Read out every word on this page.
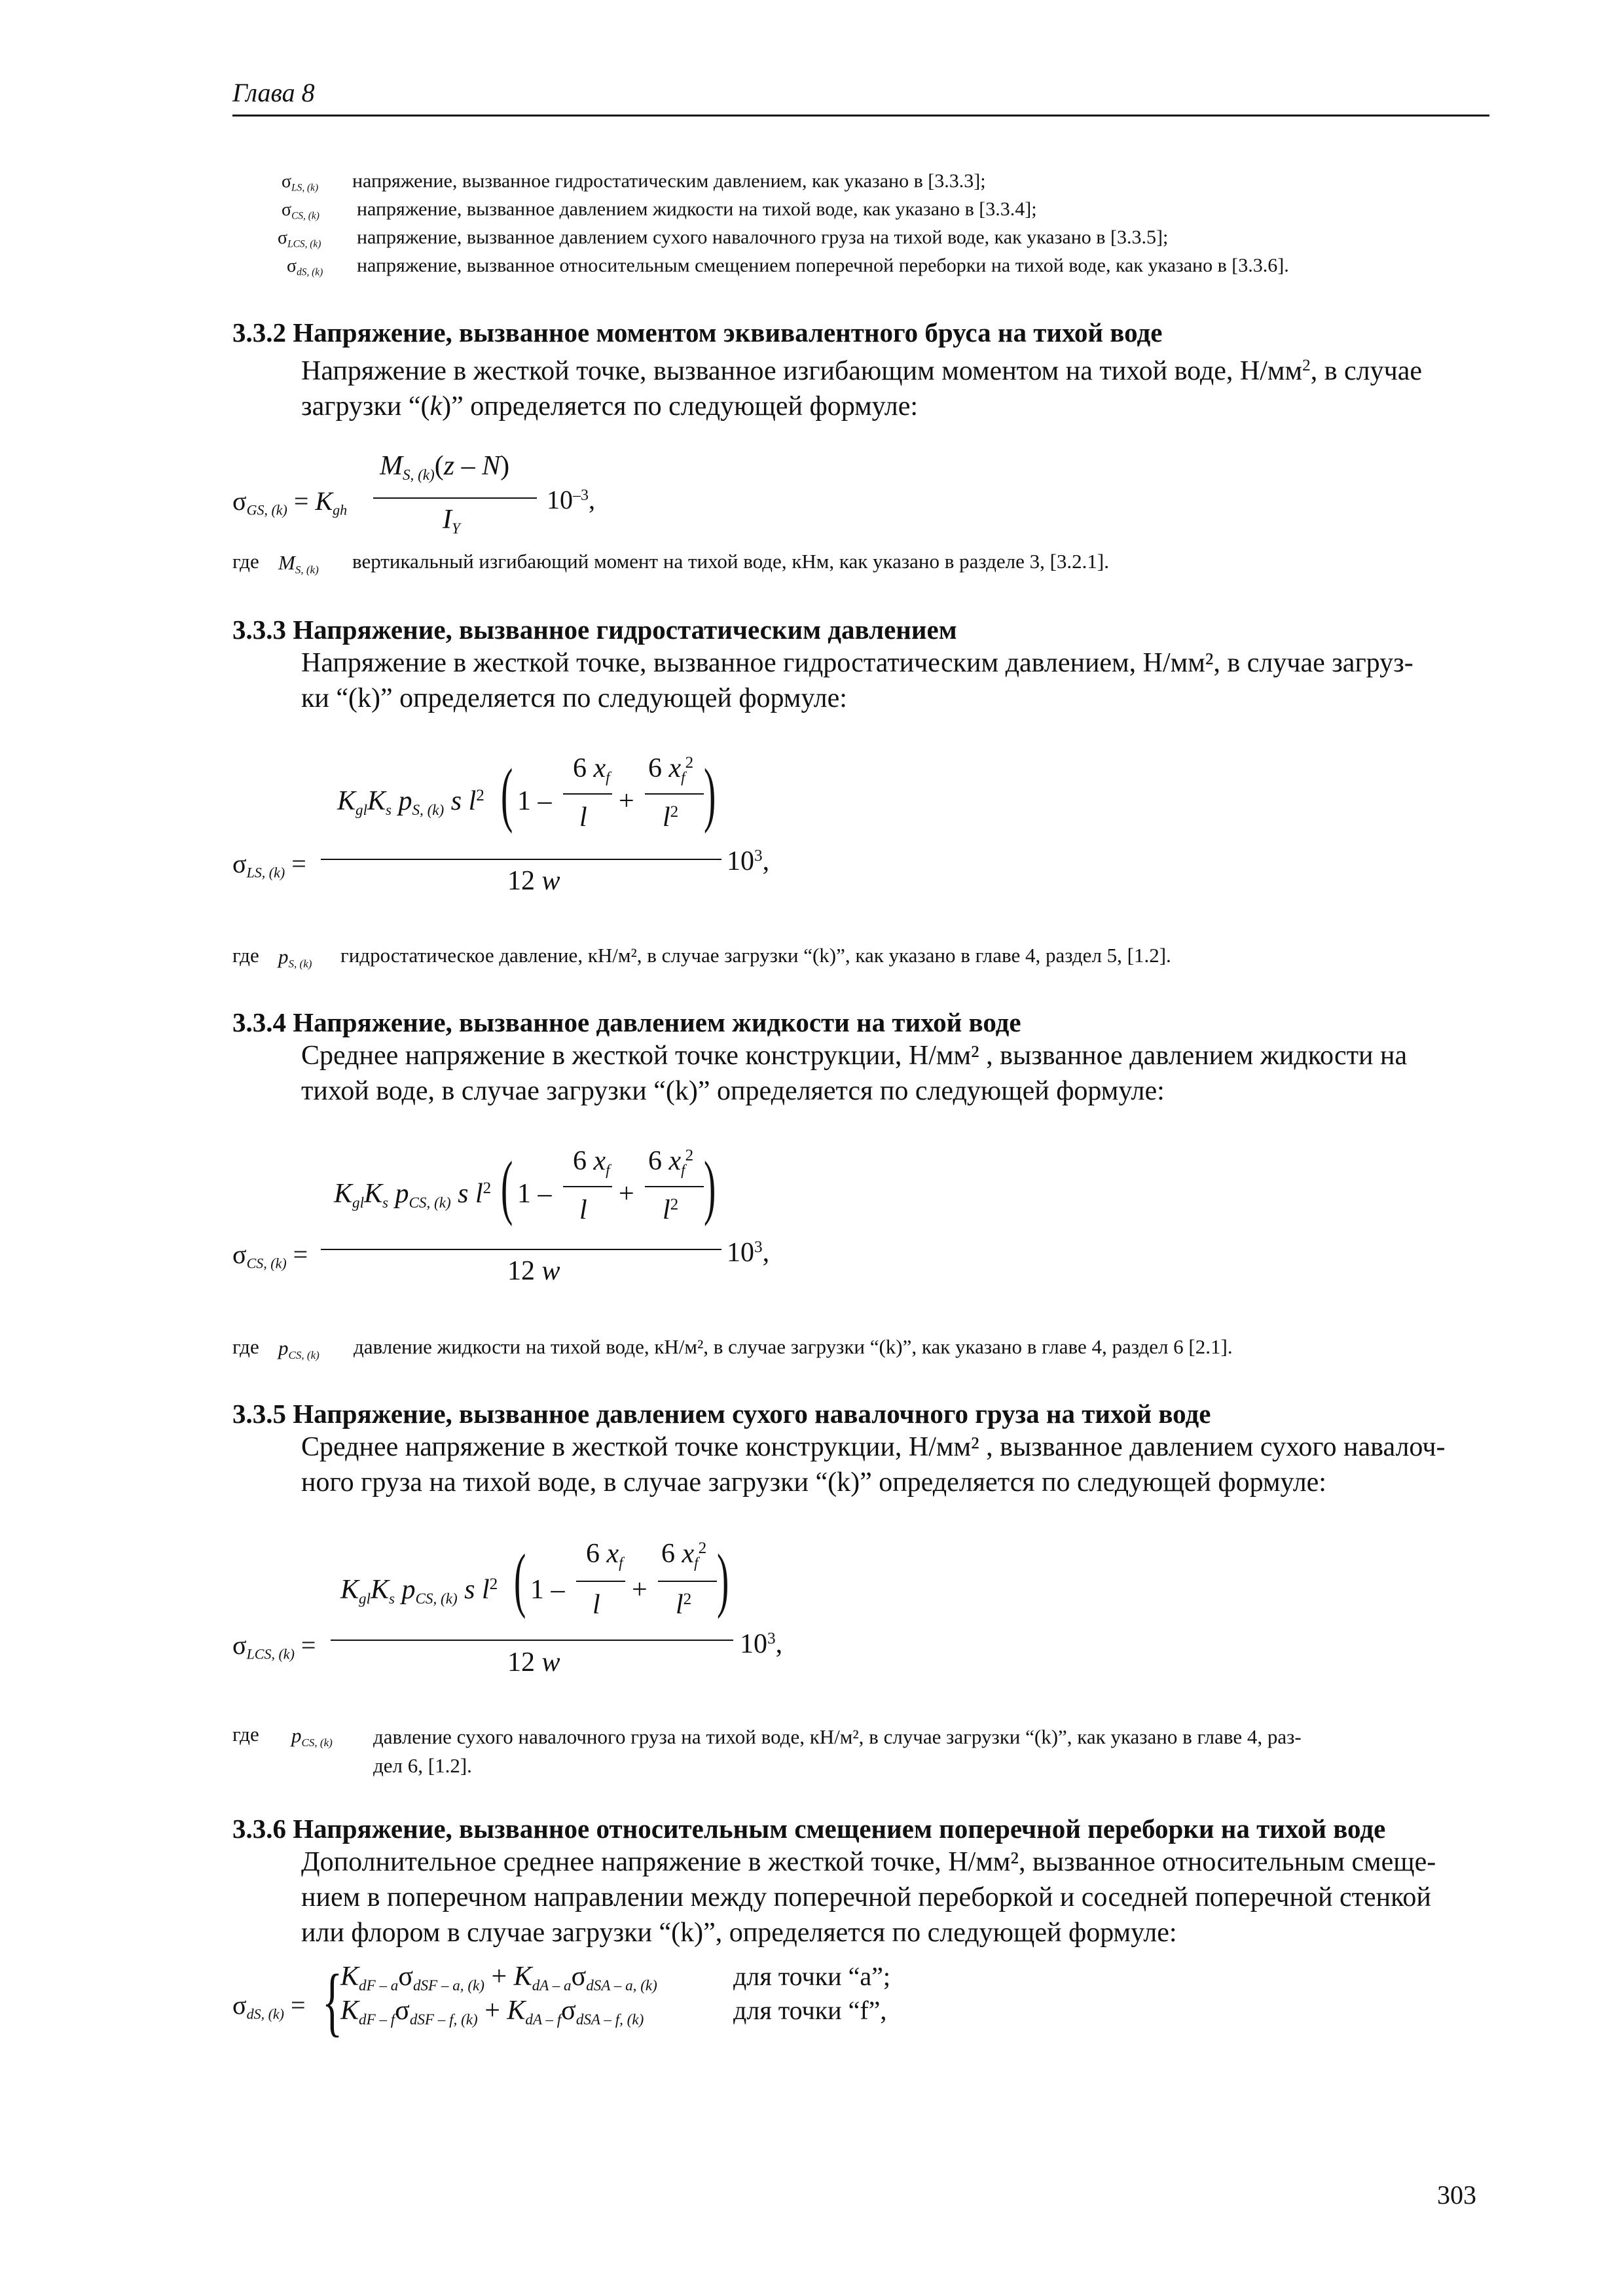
Глава 8
$\sigma_{LS, (k)}$ напряжение, вызванное гидростатическим давлением, как указано в [3.3.3];
$\sigma_{CS, (k)}$ напряжение, вызванное давлением жидкости на тихой воде, как указано в [3.3.4];
$\sigma_{LCS, (k)}$ напряжение, вызванное давлением сухого навалочного груза на тихой воде, как указано в [3.3.5];
$\sigma_{dS, (k)}$ напряжение, вызванное относительным смещением поперечной переборки на тихой воде, как указано в [3.3.6].
3.3.2 Напряжение, вызванное моментом эквивалентного бруса на тихой воде
Напряжение в жесткой точке, вызванное изгибающим моментом на тихой воде, $Н/мм^2$, в случае
загрузки “(k)” определяется по следующей формуле:
$\sigma_{GS, (k)} = K_{gh}$
$M_{S, (k)}(z - N)$
$I_Y$
$10^{-3}$,
где $M_{S, (k)}$ вертикальный изгибающий момент на тихой воде, кНм, как указано в разделе 3, [3.2.1].
3.3.3 Напряжение, вызванное гидростатическим давлением
Напряжение в жесткой точке, вызванное гидростатическим давлением, Н/мм², в случае загруз-
ки “(k)” определяется по следующей формуле:
$K_{gl}K_s$ $p_{S, (k)}$ s $l^2$ ( 1 –
6 $x_f$
l
+
6 $x_f^2$
$l^2$ )
$\sigma_{LS, (k)}$ =
12 w
$10^3$,
где $p_{S, (k)}$ гидростатическое давление, кН/м², в случае загрузки “(k)”, как указано в главе 4, раздел 5, [1.2].
3.3.4 Напряжение, вызванное давлением жидкости на тихой воде
Среднее напряжение в жесткой точке конструкции, Н/мм² , вызванное давлением жидкости на
тихой воде, в случае загрузки “(k)” определяется по следующей формуле:
$K_{gl}K_s$ $p_{CS, (k)}$ s $l^2$ ( 1 –
6 $x_f$
l
+
6 $x_f^2$
$l^2$ )
$\sigma_{CS, (k)}$ =
12 w
$10^3$,
где $p_{CS, (k)}$ давление жидкости на тихой воде, кН/м², в случае загрузки “(k)”, как указано в главе 4, раздел 6 [2.1].
3.3.5 Напряжение, вызванное давлением сухого навалочного груза на тихой воде
Среднее напряжение в жесткой точке конструкции, Н/мм² , вызванное давлением сухого навалоч-
ного груза на тихой воде, в случае загрузки “(k)” определяется по следующей формуле:
$K_{gl}K_s$ $p_{CS, (k)}$ s $l^2$ ( 1 –
6 $x_f$
l +
6 $x_f^2$
$l^2$ )
$\sigma_{LCS, (k)}$ =
12 w
$10^3$,
где $p_{CS, (k)}$ давление сухого навалочного груза на тихой воде, кН/м², в случае загрузки “(k)”, как указано в главе 4, раз-
дел 6, [1.2].
3.3.6 Напряжение, вызванное относительным смещением поперечной переборки на тихой воде
Дополнительное среднее напряжение в жесткой точке, Н/мм², вызванное относительным смеще-
нием в поперечном направлении между поперечной переборкой и соседней поперечной стенкой
или флором в случае загрузки “(k)”, определяется по следующей формуле:
$\sigma_{dS, (k)}$ = {
$K_{dF - a}\sigma_{dSF - a, (k)} + K_{dA - a}\sigma_{dSA - a, (k)}$
$K_{dF - f}\sigma_{dSF - f, (k)} + K_{dA - f}\sigma_{dSA - f, (k)}$
для точки “a”;
для точки “f”,
303
